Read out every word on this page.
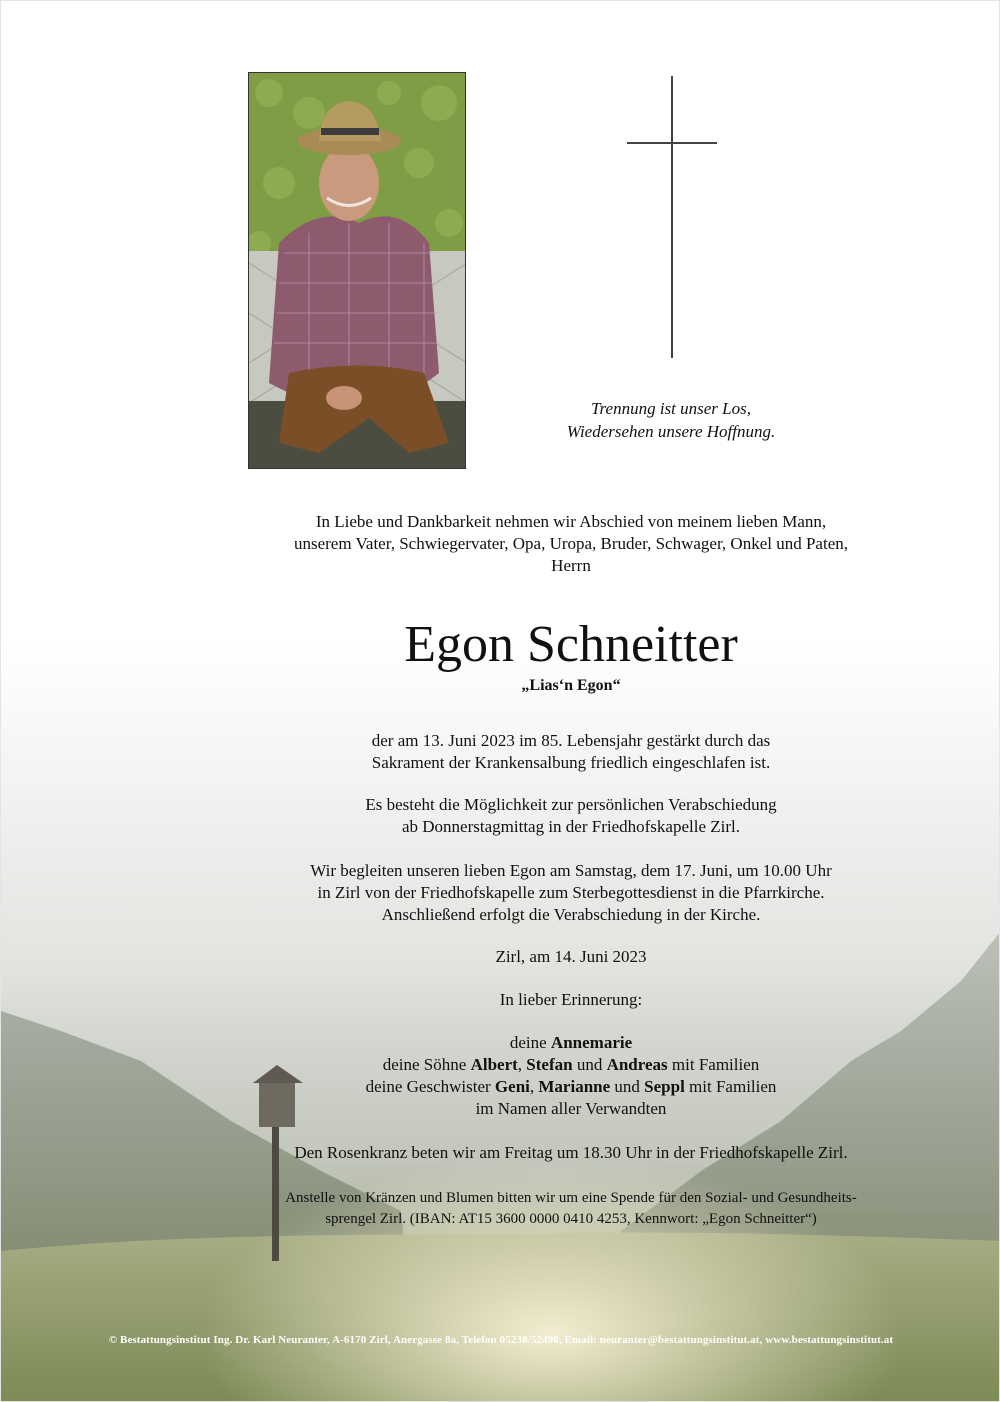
Trennung ist unser Los,

Wiedersehen unsere Hoffnung.

In Liebe und Dankbarkeit nehmen wir Abschied von meinem lieben Mann,

unserem Vater, Schwiegervater, Opa, Uropa, Bruder, Schwager, Onkel und Paten,

Herrn

Egon Schneitter
„Lias‘n Egon“

der am 13. Juni 2023 im 85. Lebensjahr gestärkt durch das

Sakrament der Krankensalbung friedlich eingeschlafen ist.

Es besteht die Möglichkeit zur persönlichen Verabschiedung

ab Donnerstagmittag in der Friedhofskapelle Zirl.

Wir begleiten unseren lieben Egon am Samstag, dem 17. Juni, um 10.00 Uhr

in Zirl von der Friedhofskapelle zum Sterbegottesdienst in die Pfarrkirche.

Anschließend erfolgt die Verabschiedung in der Kirche.

Zirl, am 14. Juni 2023
In lieber Erinnerung:

deine Annemarie

deine Söhne Albert, Stefan und Andreas mit Familien

deine Geschwister Geni, Marianne und Seppl mit Familien

im Namen aller Verwandten

Den Rosenkranz beten wir am Freitag um 18.30 Uhr in der Friedhofskapelle Zirl.

Anstelle von Kränzen und Blumen bitten wir um eine Spende für den Sozial- und Gesundheits-

sprengel Zirl. (IBAN: AT15 3600 0000 0410 4253, Kennwort: „Egon Schneitter“)

© Bestattungsinstitut Ing. Dr. Karl Neuranter, A-6170 Zirl, Anergasse 8a, Telefon 05238/52490, Email: neuranter@bestattungsinstitut.at, www.bestattungsinstitut.at
